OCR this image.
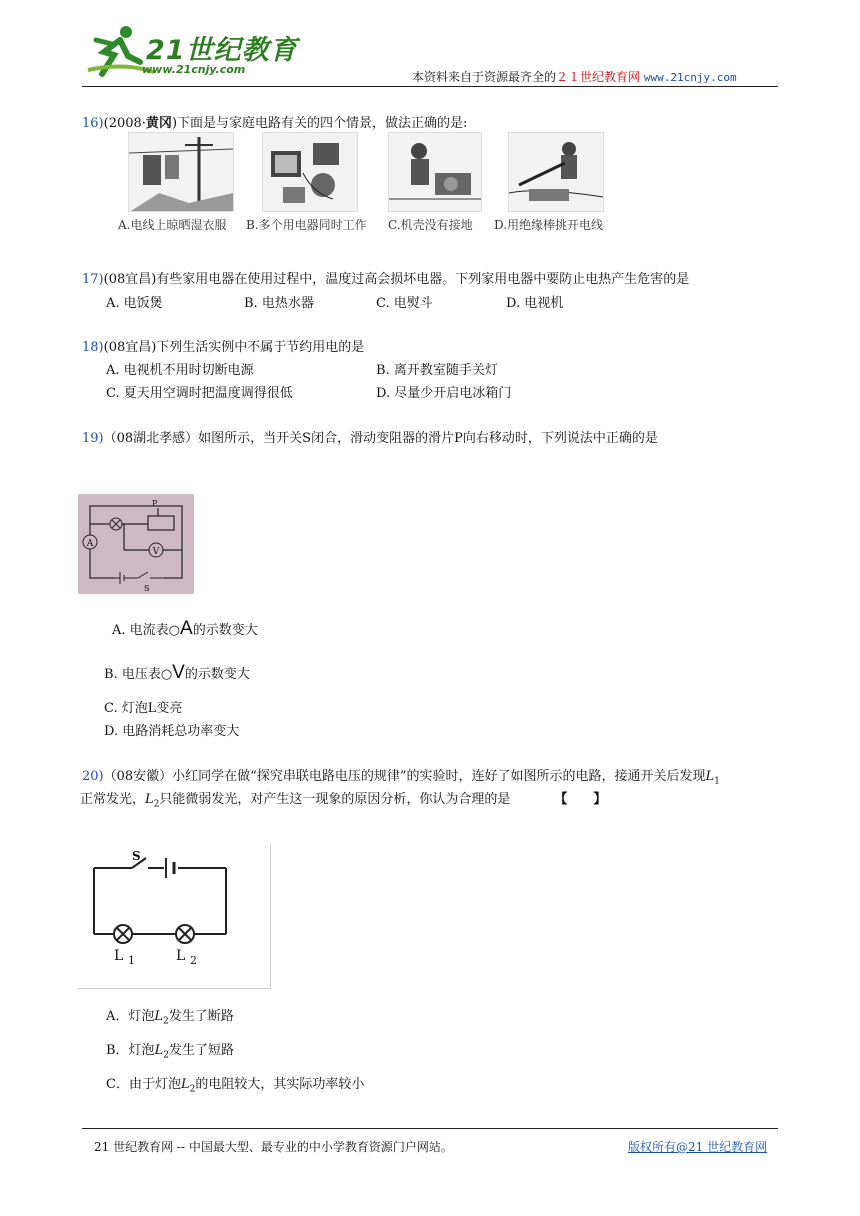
21世纪教育
www.21cnjy.com
本资料来自于资源最齐全的２１世纪教育网 www.21cnjy.com
16)(2008·黄冈)下面是与家庭电路有关的四个情景，做法正确的是:
A.电线上晾晒湿衣服 B.多个用电器同时工作 C.机壳没有接地 D.用绝缘棒挑开电线
17)(08宜昌)有些家用电器在使用过程中，温度过高会损坏电器。下列家用电器中要防止电热产生危害的是
A. 电饭煲	B. 电热水器	C. 电熨斗	D. 电视机
18)(08宜昌)下列生活实例中不属于节约用电的是
A. 电视机不用时切断电源	B. 离开教室随手关灯
C. 夏天用空调时把温度调得很低	D. 尽量少开启电冰箱门
19)（08湖北孝感）如图所示，当开关S闭合，滑动变阻器的滑片P向右移动时，下列说法中正确的是
A
V
P
S
A. 电流表○A的示数变大
B. 电压表○V的示数变大
C. 灯泡L变亮
D. 电路消耗总功率变大
20)（08安徽）小红同学在做“探究串联电路电压的规律”的实验时，连好了如图所示的电路，接通开关后发现$L_1$
正常发光，$L_2$只能微弱发光，对产生这一现象的原因分析，你认为合理的是	【　　】
S
L 1	L 2
A．灯泡$L_2$发生了断路
B．灯泡$L_2$发生了短路
C．由于灯泡$L_2$的电阻较大，其实际功率较小
21 世纪教育网 -- 中国最大型、最专业的中小学教育资源门户网站。	版权所有@21 世纪教育网
